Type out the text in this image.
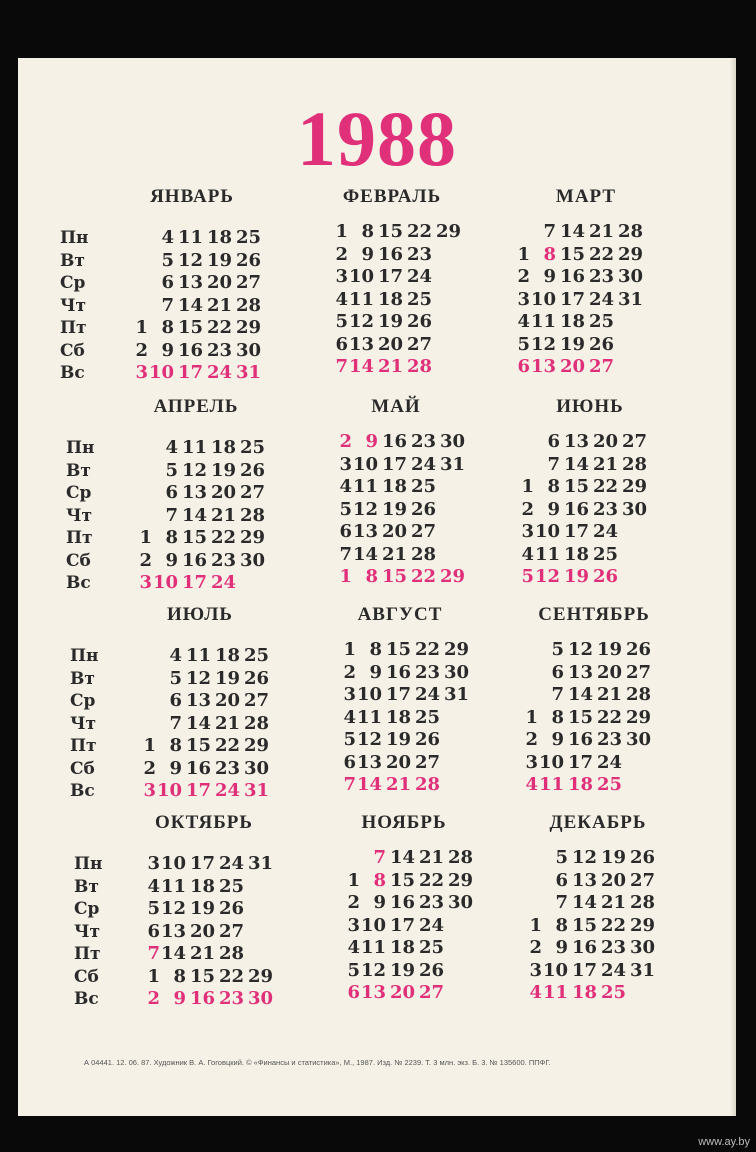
1988
Пн
Вт
Ср
Чт
Пт
Сб
Вс
Пн
Вт
Ср
Чт
Пт
Сб
Вс
Пн
Вт
Ср
Чт
Пт
Сб
Вс
Пн
Вт
Ср
Чт
Пт
Сб
Вс
ЯНВАРЬ
4 11 18 25
5 12 19 26
6 13 20 27
7 14 21 28
1 8 15 22 29
2 9 16 23 30
3 10 17 24 31
ФЕВРАЛЬ
1 8 15 22 29
2 9 16 23
3 10 17 24
4 11 18 25
5 12 19 26
6 13 20 27
7 14 21 28
МАРТ
7 14 21 28
1 8 15 22 29
2 9 16 23 30
3 10 17 24 31
4 11 18 25
5 12 19 26
6 13 20 27
АПРЕЛЬ
4 11 18 25
5 12 19 26
6 13 20 27
7 14 21 28
1 8 15 22 29
2 9 16 23 30
3 10 17 24
МАЙ
2 9 16 23 30
3 10 17 24 31
4 11 18 25
5 12 19 26
6 13 20 27
7 14 21 28
1 8 15 22 29
ИЮНЬ
6 13 20 27
7 14 21 28
1 8 15 22 29
2 9 16 23 30
3 10 17 24
4 11 18 25
5 12 19 26
ИЮЛЬ
4 11 18 25
5 12 19 26
6 13 20 27
7 14 21 28
1 8 15 22 29
2 9 16 23 30
3 10 17 24 31
АВГУСТ
1 8 15 22 29
2 9 16 23 30
3 10 17 24 31
4 11 18 25
5 12 19 26
6 13 20 27
7 14 21 28
СЕНТЯБРЬ
5 12 19 26
6 13 20 27
7 14 21 28
1 8 15 22 29
2 9 16 23 30
3 10 17 24
4 11 18 25
ОКТЯБРЬ
3 10 17 24 31
4 11 18 25
5 12 19 26
6 13 20 27
7 14 21 28
1 8 15 22 29
2 9 16 23 30
НОЯБРЬ
7 14 21 28
1 8 15 22 29
2 9 16 23 30
3 10 17 24
4 11 18 25
5 12 19 26
6 13 20 27
ДЕКАБРЬ
5 12 19 26
6 13 20 27
7 14 21 28
1 8 15 22 29
2 9 16 23 30
3 10 17 24 31
4 11 18 25
А 04441. 12. 06. 87. Художник В. А. Гоговцкий. © «Финансы и статистика», М., 1987. Изд. № 2239. Т. 3 млн. экз. Б. 3. № 135600. ППФГ.
www.ay.by
